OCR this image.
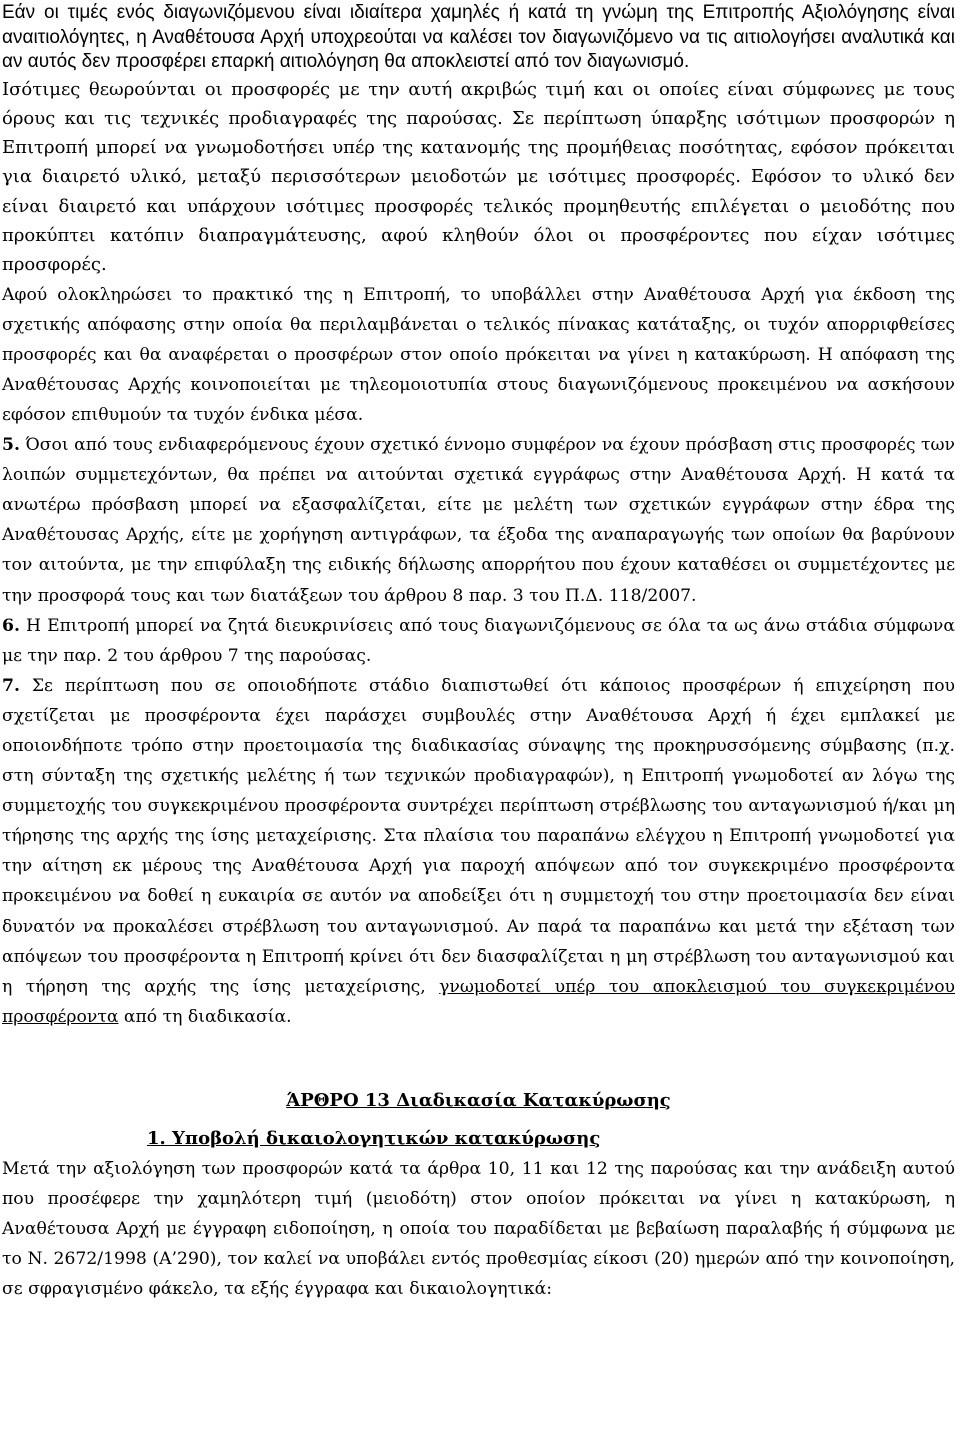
Εάν οι τιμές ενός διαγωνιζόμενου είναι ιδιαίτερα χαμηλές ή κατά τη γνώμη της Επιτροπής Αξιολόγησης είναι αναιτιολόγητες, η Αναθέτουσα Αρχή υποχρεούται να καλέσει τον διαγωνιζόμενο να τις αιτιολογήσει αναλυτικά και αν αυτός δεν προσφέρει επαρκή αιτιολόγηση θα αποκλειστεί από τον διαγωνισμό.

Ισότιμες θεωρούνται οι προσφορές με την αυτή ακριβώς τιμή και οι οποίες είναι σύμφωνες με τους όρους και τις τεχνικές προδιαγραφές της παρούσας. Σε περίπτωση ύπαρξης ισότιμων προσφορών η Επιτροπή μπορεί να γνωμοδοτήσει υπέρ της κατανομής της προμήθειας ποσότητας, εφόσον πρόκειται για διαιρετό υλικό, μεταξύ περισσότερων μειοδοτών με ισότιμες προσφορές. Εφόσον το υλικό δεν είναι διαιρετό και υπάρχουν ισότιμες προσφορές τελικός προμηθευτής επιλέγεται ο μειοδότης που προκύπτει κατόπιν διαπραγμάτευσης, αφού κληθούν όλοι οι προσφέροντες που είχαν ισότιμες προσφορές.

Αφού ολοκληρώσει το πρακτικό της η Επιτροπή, το υποβάλλει στην Αναθέτουσα Αρχή για έκδοση της σχετικής απόφασης στην οποία θα περιλαμβάνεται ο τελικός πίνακας κατάταξης, οι τυχόν απορριφθείσες προσφορές και θα αναφέρεται ο προσφέρων στον οποίο πρόκειται να γίνει η κατακύρωση. Η απόφαση της Αναθέτουσας Αρχής κοινοποιείται με τηλεομοιοτυπία στους διαγωνιζόμενους προκειμένου να ασκήσουν εφόσον επιθυμούν τα τυχόν ένδικα μέσα.

5. Όσοι από τους ενδιαφερόμενους έχουν σχετικό έννομο συμφέρον να έχουν πρόσβαση στις προσφορές των λοιπών συμμετεχόντων, θα πρέπει να αιτούνται σχετικά εγγράφως στην Αναθέτουσα Αρχή. Η κατά τα ανωτέρω πρόσβαση μπορεί να εξασφαλίζεται, είτε με μελέτη των σχετικών εγγράφων στην έδρα της Αναθέτουσας Αρχής, είτε με χορήγηση αντιγράφων, τα έξοδα της αναπαραγωγής των οποίων θα βαρύνουν τον αιτούντα, με την επιφύλαξη της ειδικής δήλωσης απορρήτου που έχουν καταθέσει οι συμμετέχοντες με την προσφορά τους και των διατάξεων του άρθρου 8 παρ. 3 του Π.Δ. 118/2007.

6. Η Επιτροπή μπορεί να ζητά διευκρινίσεις από τους διαγωνιζόμενους σε όλα τα ως άνω στάδια σύμφωνα με την παρ. 2 του άρθρου 7 της παρούσας.

7. Σε περίπτωση που σε οποιοδήποτε στάδιο διαπιστωθεί ότι κάποιος προσφέρων ή επιχείρηση που σχετίζεται με προσφέροντα έχει παράσχει συμβουλές στην Αναθέτουσα Αρχή ή έχει εμπλακεί με οποιονδήποτε τρόπο στην προετοιμασία της διαδικασίας σύναψης της προκηρυσσόμενης σύμβασης (π.χ. στη σύνταξη της σχετικής μελέτης ή των τεχνικών προδιαγραφών), η Επιτροπή γνωμοδοτεί αν λόγω της συμμετοχής του συγκεκριμένου προσφέροντα συντρέχει περίπτωση στρέβλωσης του ανταγωνισμού ή/και μη τήρησης της αρχής της ίσης μεταχείρισης. Στα πλαίσια του παραπάνω ελέγχου η Επιτροπή γνωμοδοτεί για την αίτηση εκ μέρους της Αναθέτουσα Αρχή για παροχή απόψεων από τον συγκεκριμένο προσφέροντα προκειμένου να δοθεί η ευκαιρία σε αυτόν να αποδείξει ότι η συμμετοχή του στην προετοιμασία δεν είναι δυνατόν να προκαλέσει στρέβλωση του ανταγωνισμού. Αν παρά τα παραπάνω και μετά την εξέταση των απόψεων του προσφέροντα η Επιτροπή κρίνει ότι δεν διασφαλίζεται η μη στρέβλωση του ανταγωνισμού και η τήρηση της αρχής της ίσης μεταχείρισης, γνωμοδοτεί υπέρ του αποκλεισμού του συγκεκριμένου προσφέροντα από τη διαδικασία.

ΆΡΘΡΟ 13 Διαδικασία Κατακύρωσης

1. Υποβολή δικαιολογητικών κατακύρωσης

Μετά την αξιολόγηση των προσφορών κατά τα άρθρα 10, 11 και 12 της παρούσας και την ανάδειξη αυτού που προσέφερε την χαμηλότερη τιμή (μειοδότη) στον οποίον πρόκειται να γίνει η κατακύρωση, η Αναθέτουσα Αρχή με έγγραφη ειδοποίηση, η οποία του παραδίδεται με βεβαίωση παραλαβής ή σύμφωνα με το Ν. 2672/1998 (Α’290), τον καλεί να υποβάλει εντός προθεσμίας είκοσι (20) ημερών από την κοινοποίηση, σε σφραγισμένο φάκελο, τα εξής έγγραφα και δικαιολογητικά:
